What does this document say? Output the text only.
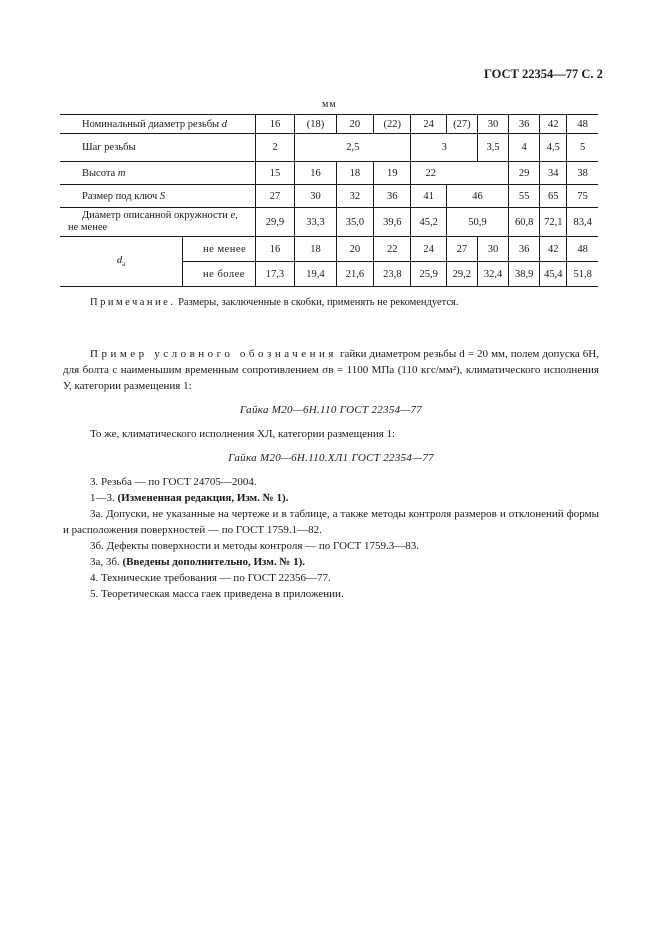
ГОСТ 22354—77 С. 2
мм
Номинальный диаметр резьбы d		16	(18)	20	(22)	24	(27)	30	36	42	48
Шаг резьбы		2	2,5			3		3,5	4	4,5	5
Высота m		15	16	18	19	22			29	34	38
Размер под ключ S		27	30	32	36	41	46		55	65	75

Диаметр описанной окружности e,
не менее		29,9	33,3	35,0	39,6	45,2	50,9		60,8	72,1	83,4
$d_a$	не менее	16	18	20	22	24	27	30	36	42	48
	не более	17,3	19,4	21,6	23,8	25,9	29,2	32,4	38,9	45,4	51,8
Примечание. Размеры, заключенные в скобки, применять не рекомендуется.

Пример условного обозначения гайки диаметром резьбы d = 20 мм, полем допуска 6H, для болта с наименьшим временным сопротивлением σв = 1100 МПа (110 кгс/мм²), климатического исполнения У, категории размещения 1:

Гайка М20—6Н.110 ГОСТ 22354—77

То же, климатического исполнения ХЛ, категории размещения 1:

Гайка М20—6Н.110.ХЛ1 ГОСТ 22354—77

3. Резьба — по ГОСТ 24705—2004.

1—3. (Измененная редакция, Изм. № 1).

3а. Допуски, не указанные на чертеже и в таблице, а также методы контроля размеров и отклонений формы и расположения поверхностей — по ГОСТ 1759.1—82.

3б. Дефекты поверхности и методы контроля — по ГОСТ 1759.3—83.

3а, 3б. (Введены дополнительно, Изм. № 1).

4. Технические требования — по ГОСТ 22356—77.

5. Теоретическая масса гаек приведена в приложении.
